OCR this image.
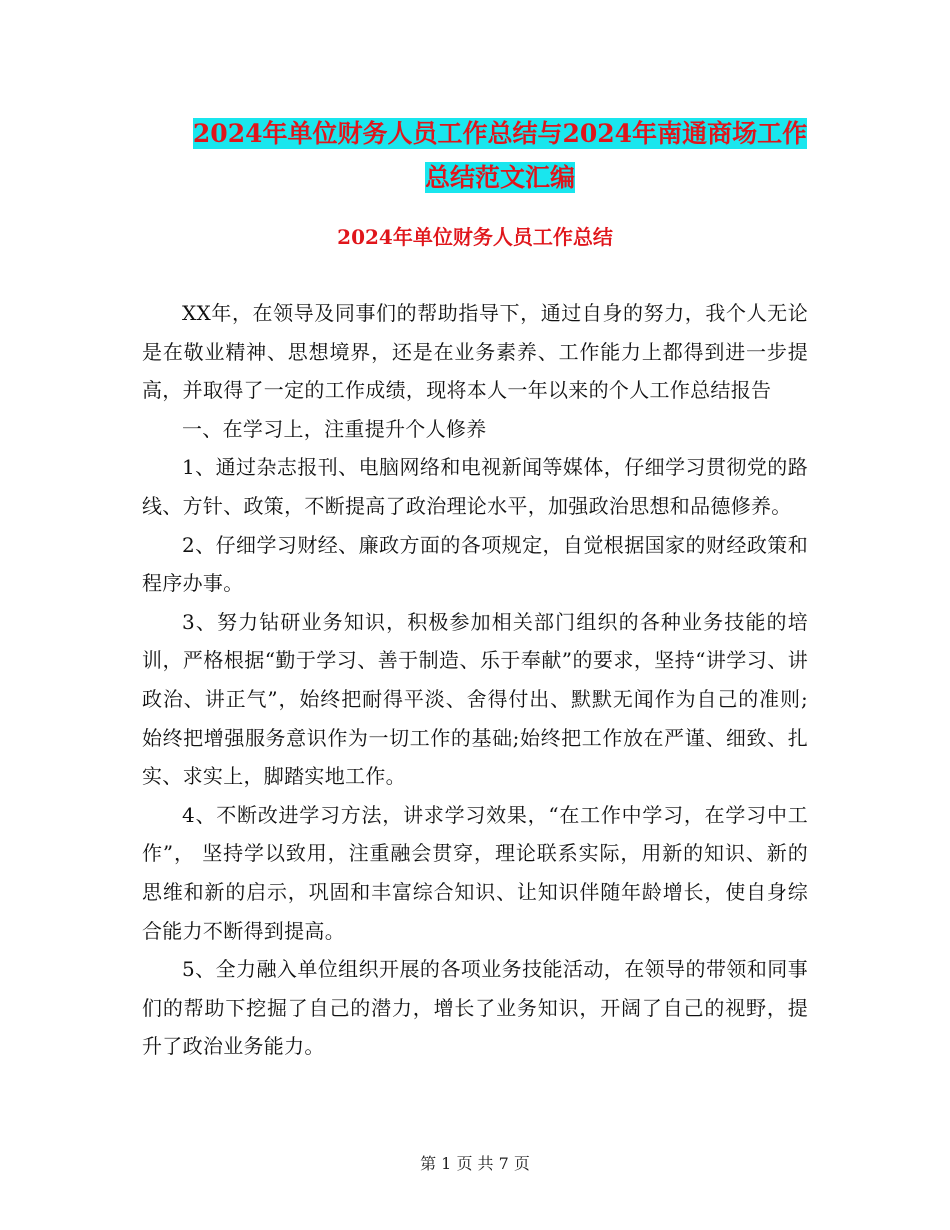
2024年单位财务人员工作总结与2024年南通商场工作
总结范文汇编
2024年单位财务人员工作总结

XX年，在领导及同事们的帮助指导下，通过自身的努力，我个人无论是在敬业精神、思想境界，还是在业务素养、工作能力上都得到进一步提高，并取得了一定的工作成绩，现将本人一年以来的个人工作总结报告

一、在学习上，注重提升个人修养

1、通过杂志报刊、电脑网络和电视新闻等媒体，仔细学习贯彻党的路线、方针、政策，不断提高了政治理论水平，加强政治思想和品德修养。

2、仔细学习财经、廉政方面的各项规定，自觉根据国家的财经政策和程序办事。

3、努力钻研业务知识，积极参加相关部门组织的各种业务技能的培训，严格根据“勤于学习、善于制造、乐于奉献”的要求，坚持“讲学习、讲政治、讲正气”，始终把耐得平淡、舍得付出、默默无闻作为自己的准则;始终把增强服务意识作为一切工作的基础;始终把工作放在严谨、细致、扎实、求实上，脚踏实地工作。

4、不断改进学习方法，讲求学习效果，“在工作中学习，在学习中工作”， 坚持学以致用，注重融会贯穿，理论联系实际，用新的知识、新的思维和新的启示，巩固和丰富综合知识、让知识伴随年龄增长，使自身综合能力不断得到提高。

5、全力融入单位组织开展的各项业务技能活动，在领导的带领和同事们的帮助下挖掘了自己的潜力，增长了业务知识，开阔了自己的视野，提升了政治业务能力。

第 1 页 共 7 页
